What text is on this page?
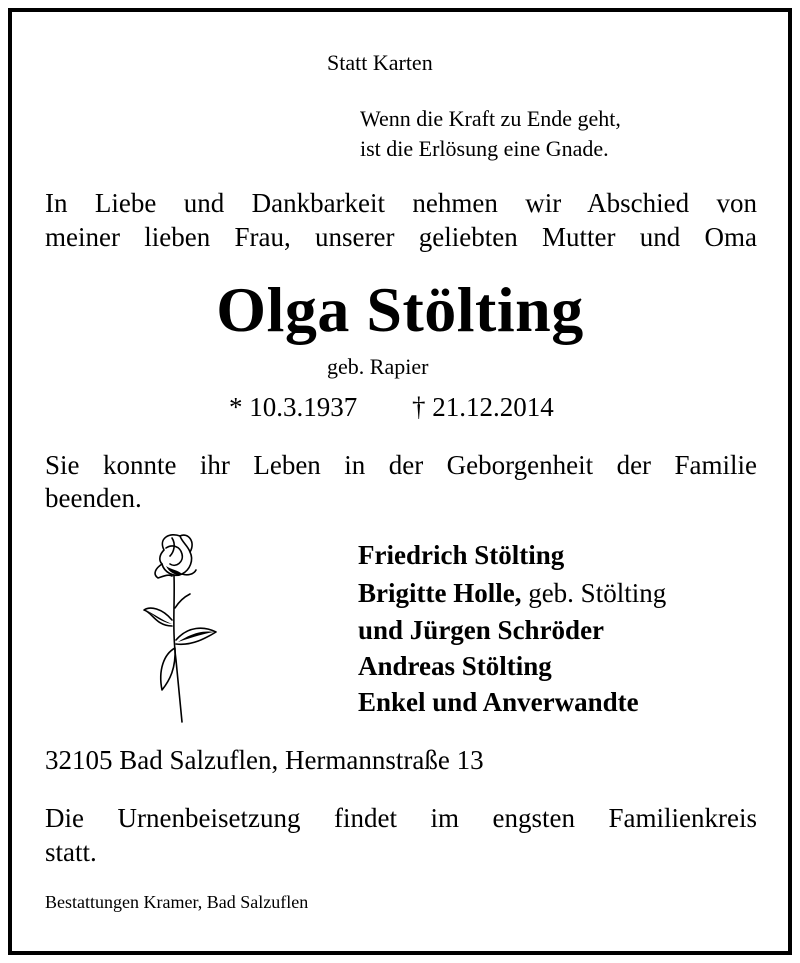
Statt Karten
Wenn die Kraft zu Ende geht,
ist die Erlösung eine Gnade.
In Liebe und Dankbarkeit nehmen wir Abschied von
meiner lieben Frau, unserer geliebten Mutter und Oma
Olga Stölting
geb. Rapier
* 10.3.1937 † 21.12.2014
Sie konnte ihr Leben in der Geborgenheit der Familie
beenden.
Friedrich Stölting
Brigitte Holle, geb. Stölting
und Jürgen Schröder
Andreas Stölting
Enkel und Anverwandte
32105 Bad Salzuflen, Hermannstraße 13
Die Urnenbeisetzung findet im engsten Familienkreis
statt.
Bestattungen Kramer, Bad Salzuflen
